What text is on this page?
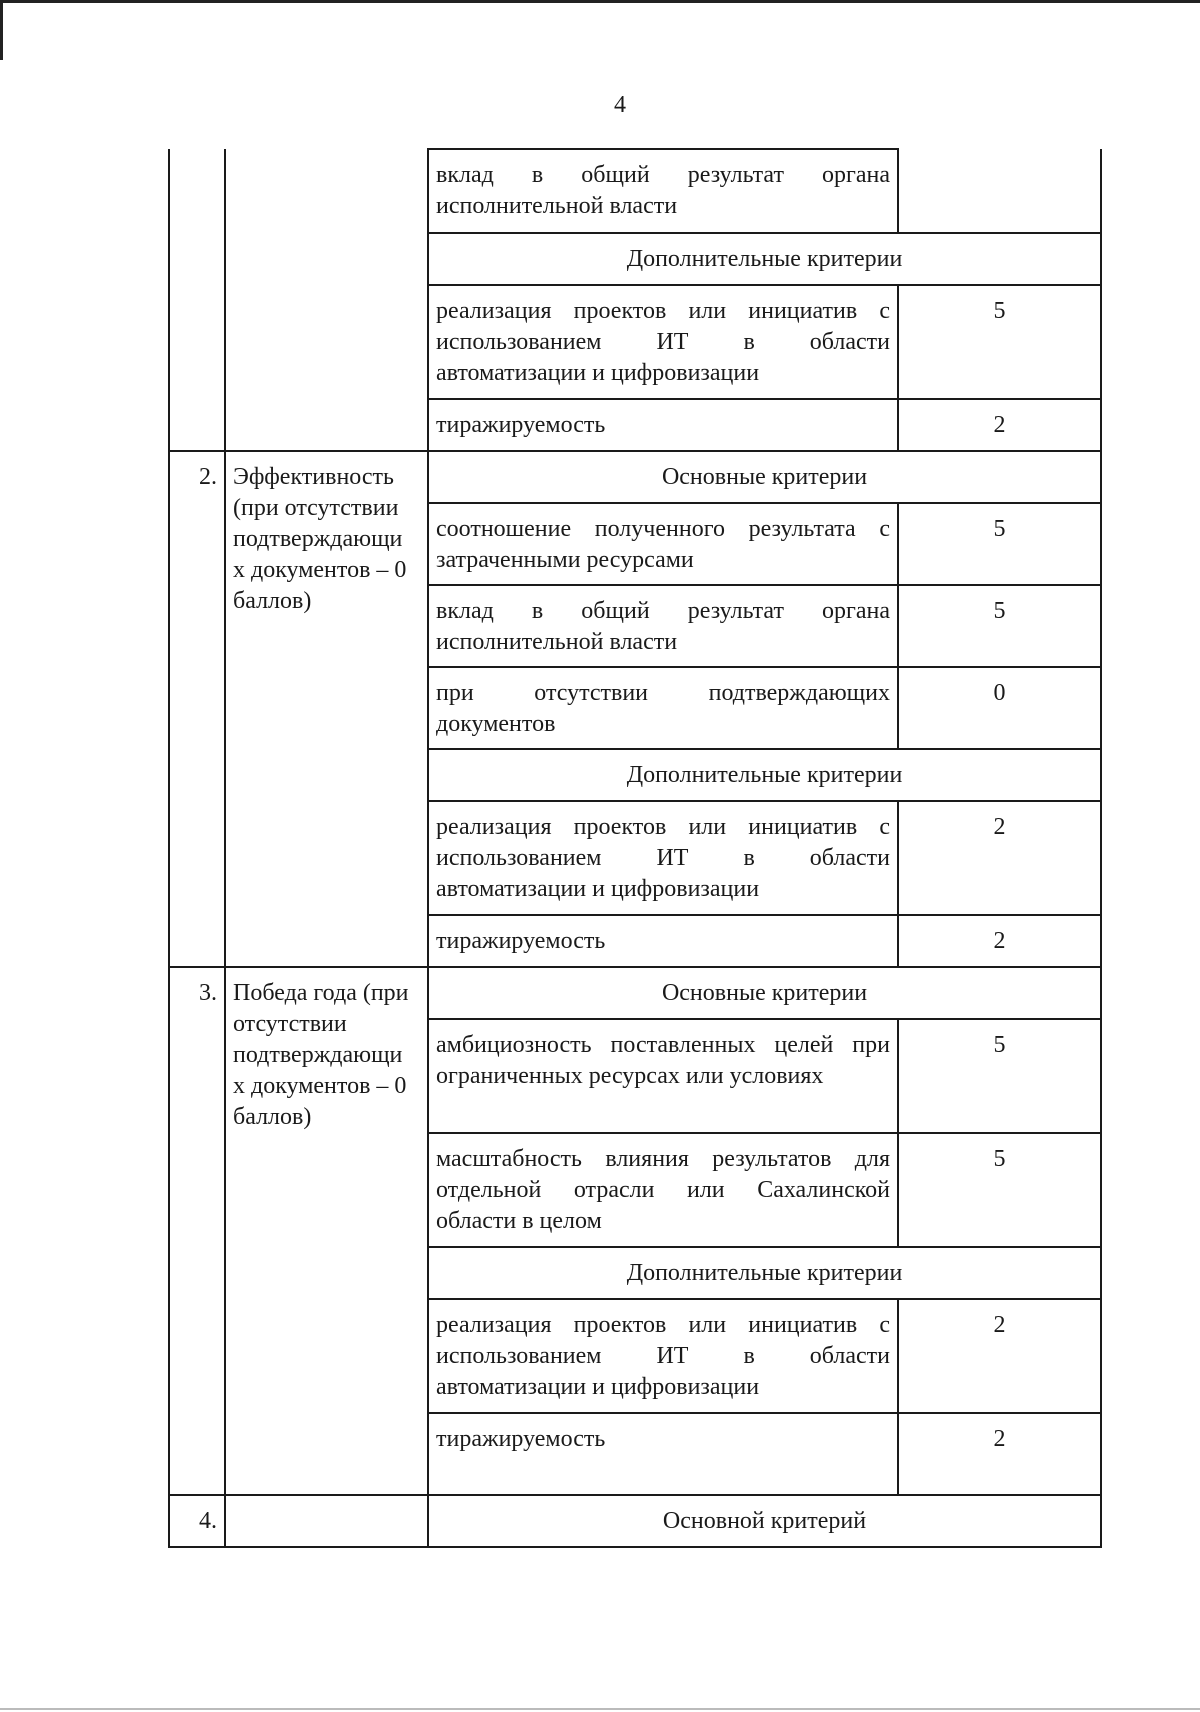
4
		вклад в общий результат органа исполнительной власти	
		Дополнительные критерии	
		реализация проектов или инициатив с использованием ИТ в области автоматизации и цифровизации	5
		тиражируемость	2
2.	Эффективность (при отсутствии подтверждающи х документов – 0 баллов)	Основные критерии	
		соотношение полученного результата с затраченными ресурсами	5
		вклад в общий результат органа исполнительной власти	5
		при отсутствии подтверждающих документов	0
		Дополнительные критерии	
		реализация проектов или инициатив с использованием ИТ в области автоматизации и цифровизации	2
		тиражируемость	2
3.	Победа года (при отсутствии подтверждающи х документов – 0 баллов)	Основные критерии	
		амбициозность поставленных целей при ограниченных ресурсах или условиях	5
		масштабность влияния результатов для отдельной отрасли или Сахалинской области в целом	5
		Дополнительные критерии	
		реализация проектов или инициатив с использованием ИТ в области автоматизации и цифровизации	2
		тиражируемость	2
4.		Основной критерий	
